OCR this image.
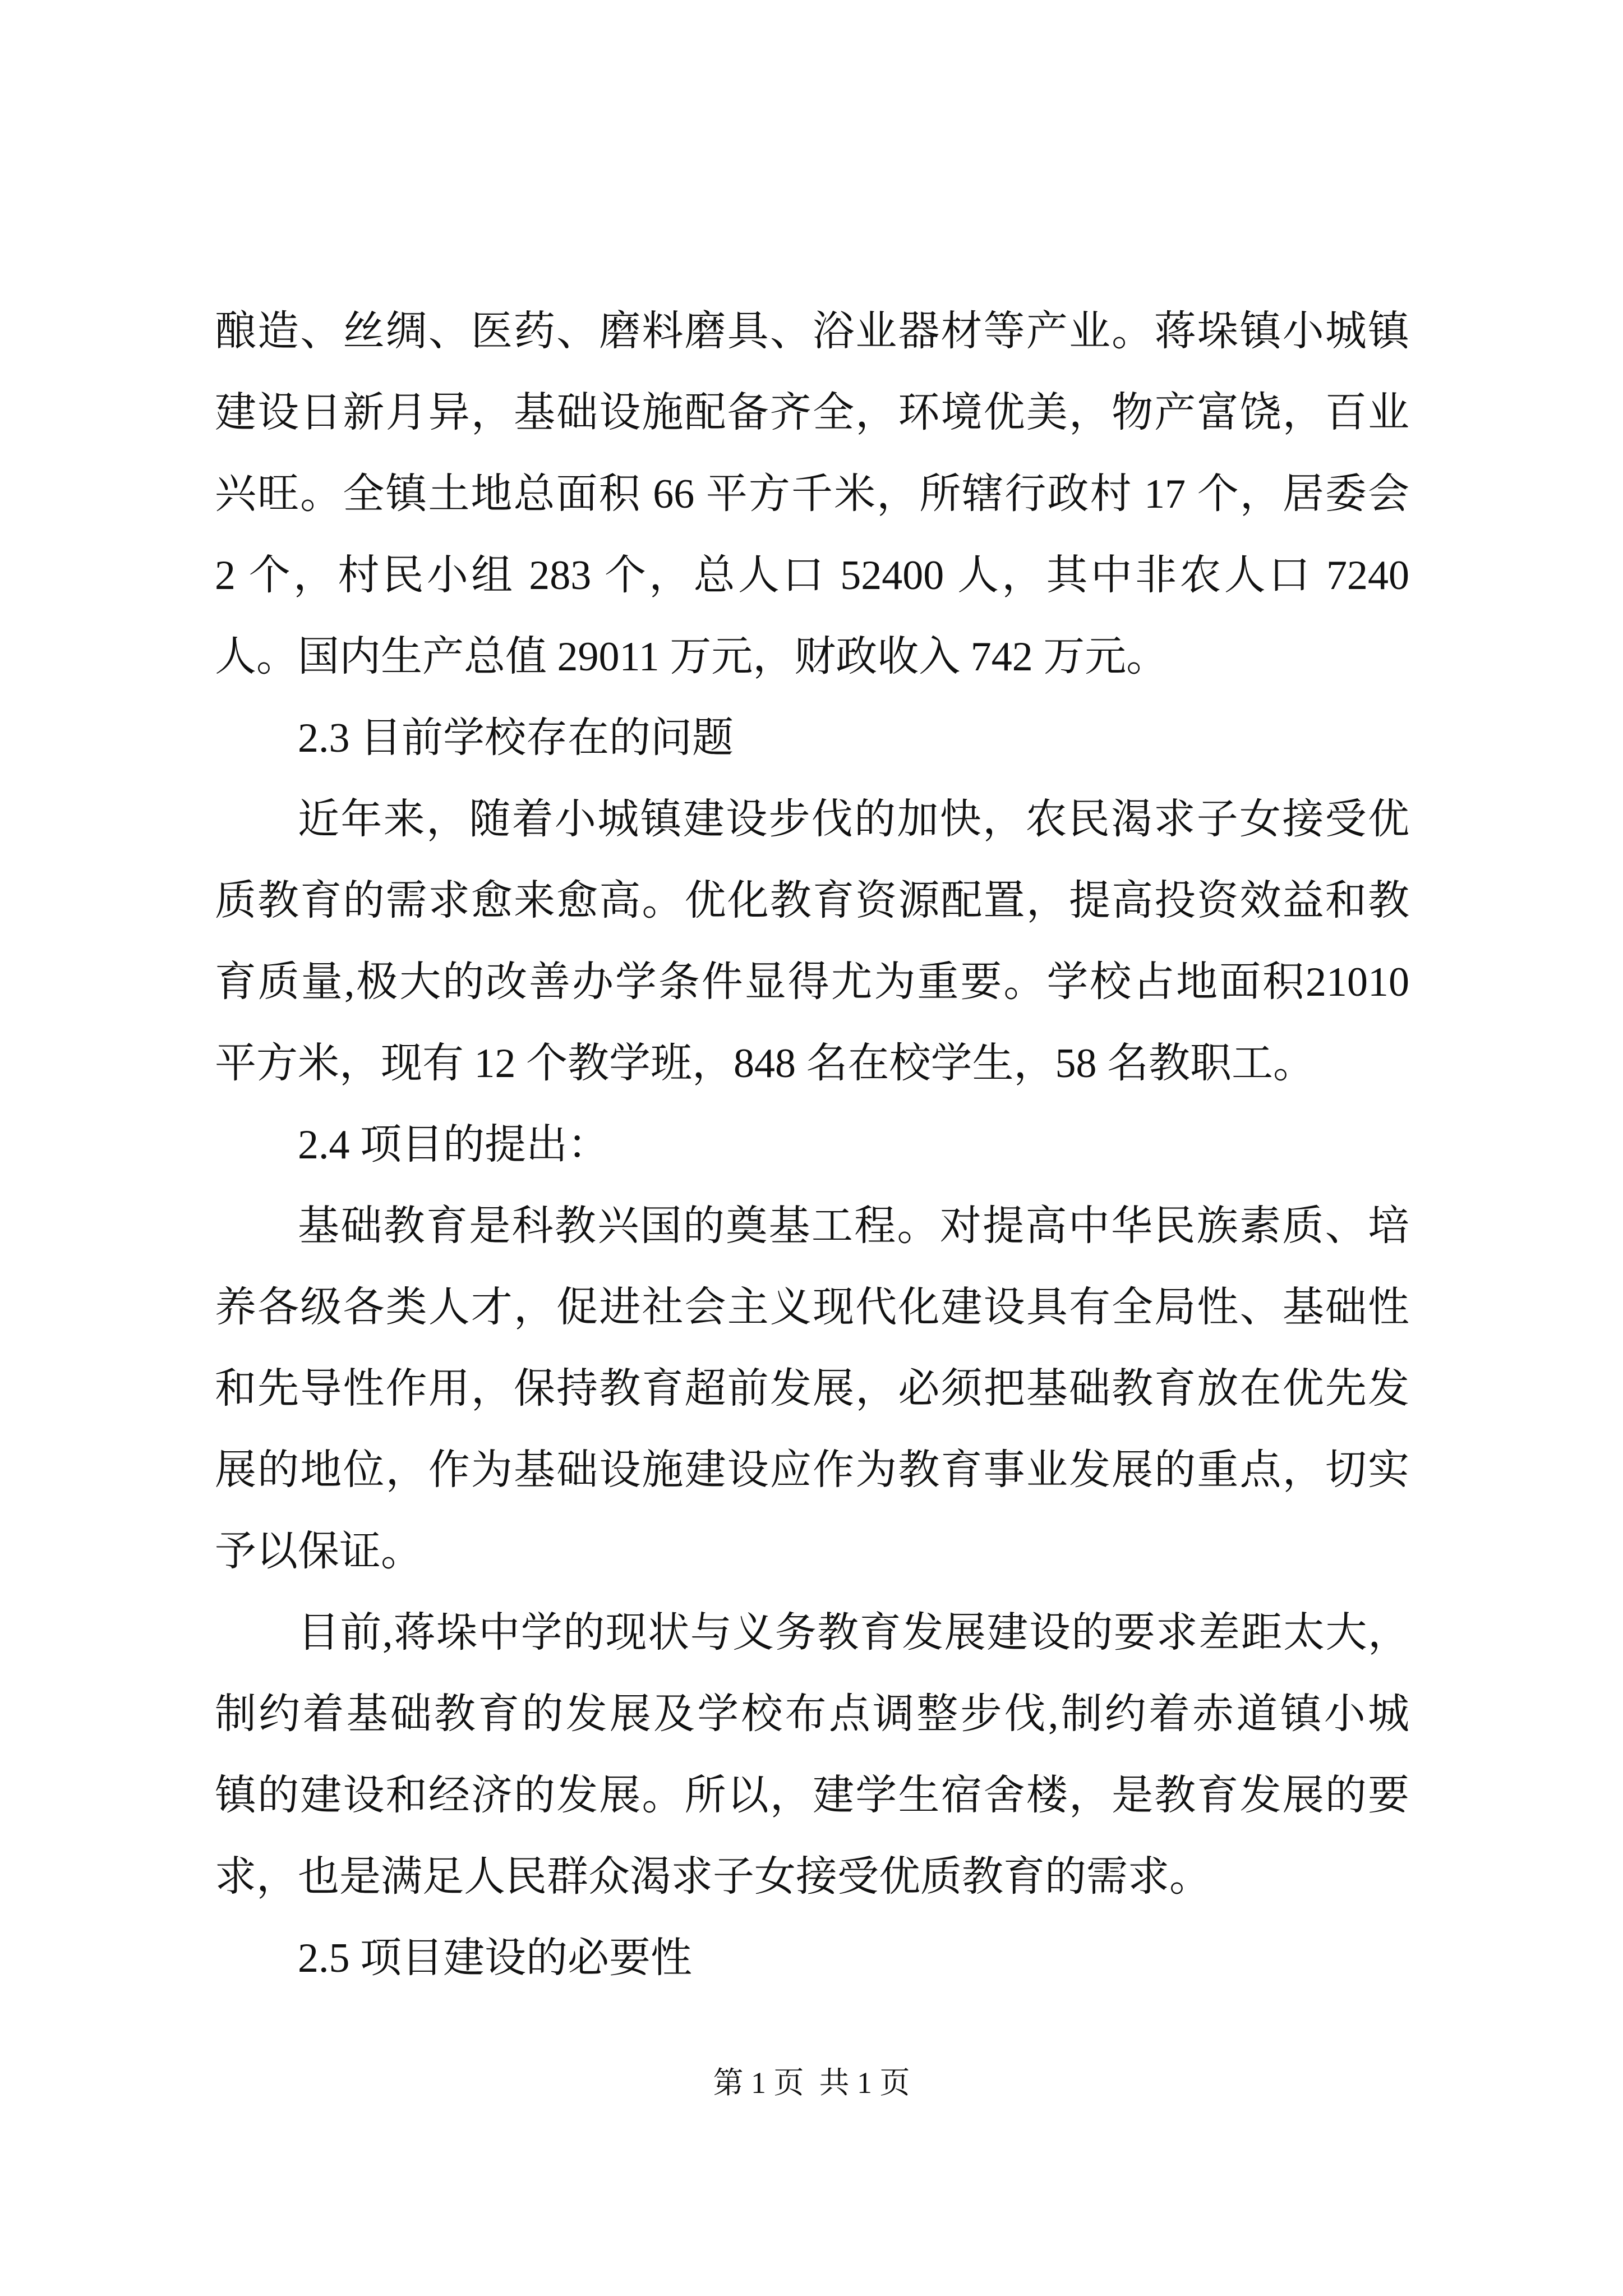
酿造、丝绸、医药、磨料磨具、浴业器材等产业。蒋垛镇小城镇
建设日新月异，基础设施配备齐全，环境优美，物产富饶，百业
兴旺。全镇土地总面积 66 平方千米，所辖行政村 17 个，居委会
2 个，村民小组 283 个，总人口 52400 人，其中非农人口 7240
人。国内生产总值 29011 万元，财政收入 742 万元。
2.3 目前学校存在的问题
近年来，随着小城镇建设步伐的加快，农民渴求子女接受优
质教育的需求愈来愈高。优化教育资源配置，提高投资效益和教
育质量,极大的改善办学条件显得尤为重要。学校占地面积21010
平方米，现有 12 个教学班，848 名在校学生，58 名教职工。
2.4 项目的提出：
基础教育是科教兴国的奠基工程。对提高中华民族素质、培
养各级各类人才，促进社会主义现代化建设具有全局性、基础性
和先导性作用，保持教育超前发展，必须把基础教育放在优先发
展的地位，作为基础设施建设应作为教育事业发展的重点，切实
予以保证。
目前,蒋垛中学的现状与义务教育发展建设的要求差距太大，
制约着基础教育的发展及学校布点调整步伐,制约着赤道镇小城
镇的建设和经济的发展。所以，建学生宿舍楼，是教育发展的要
求，也是满足人民群众渴求子女接受优质教育的需求。
2.5 项目建设的必要性
第 1 页  共 1 页
